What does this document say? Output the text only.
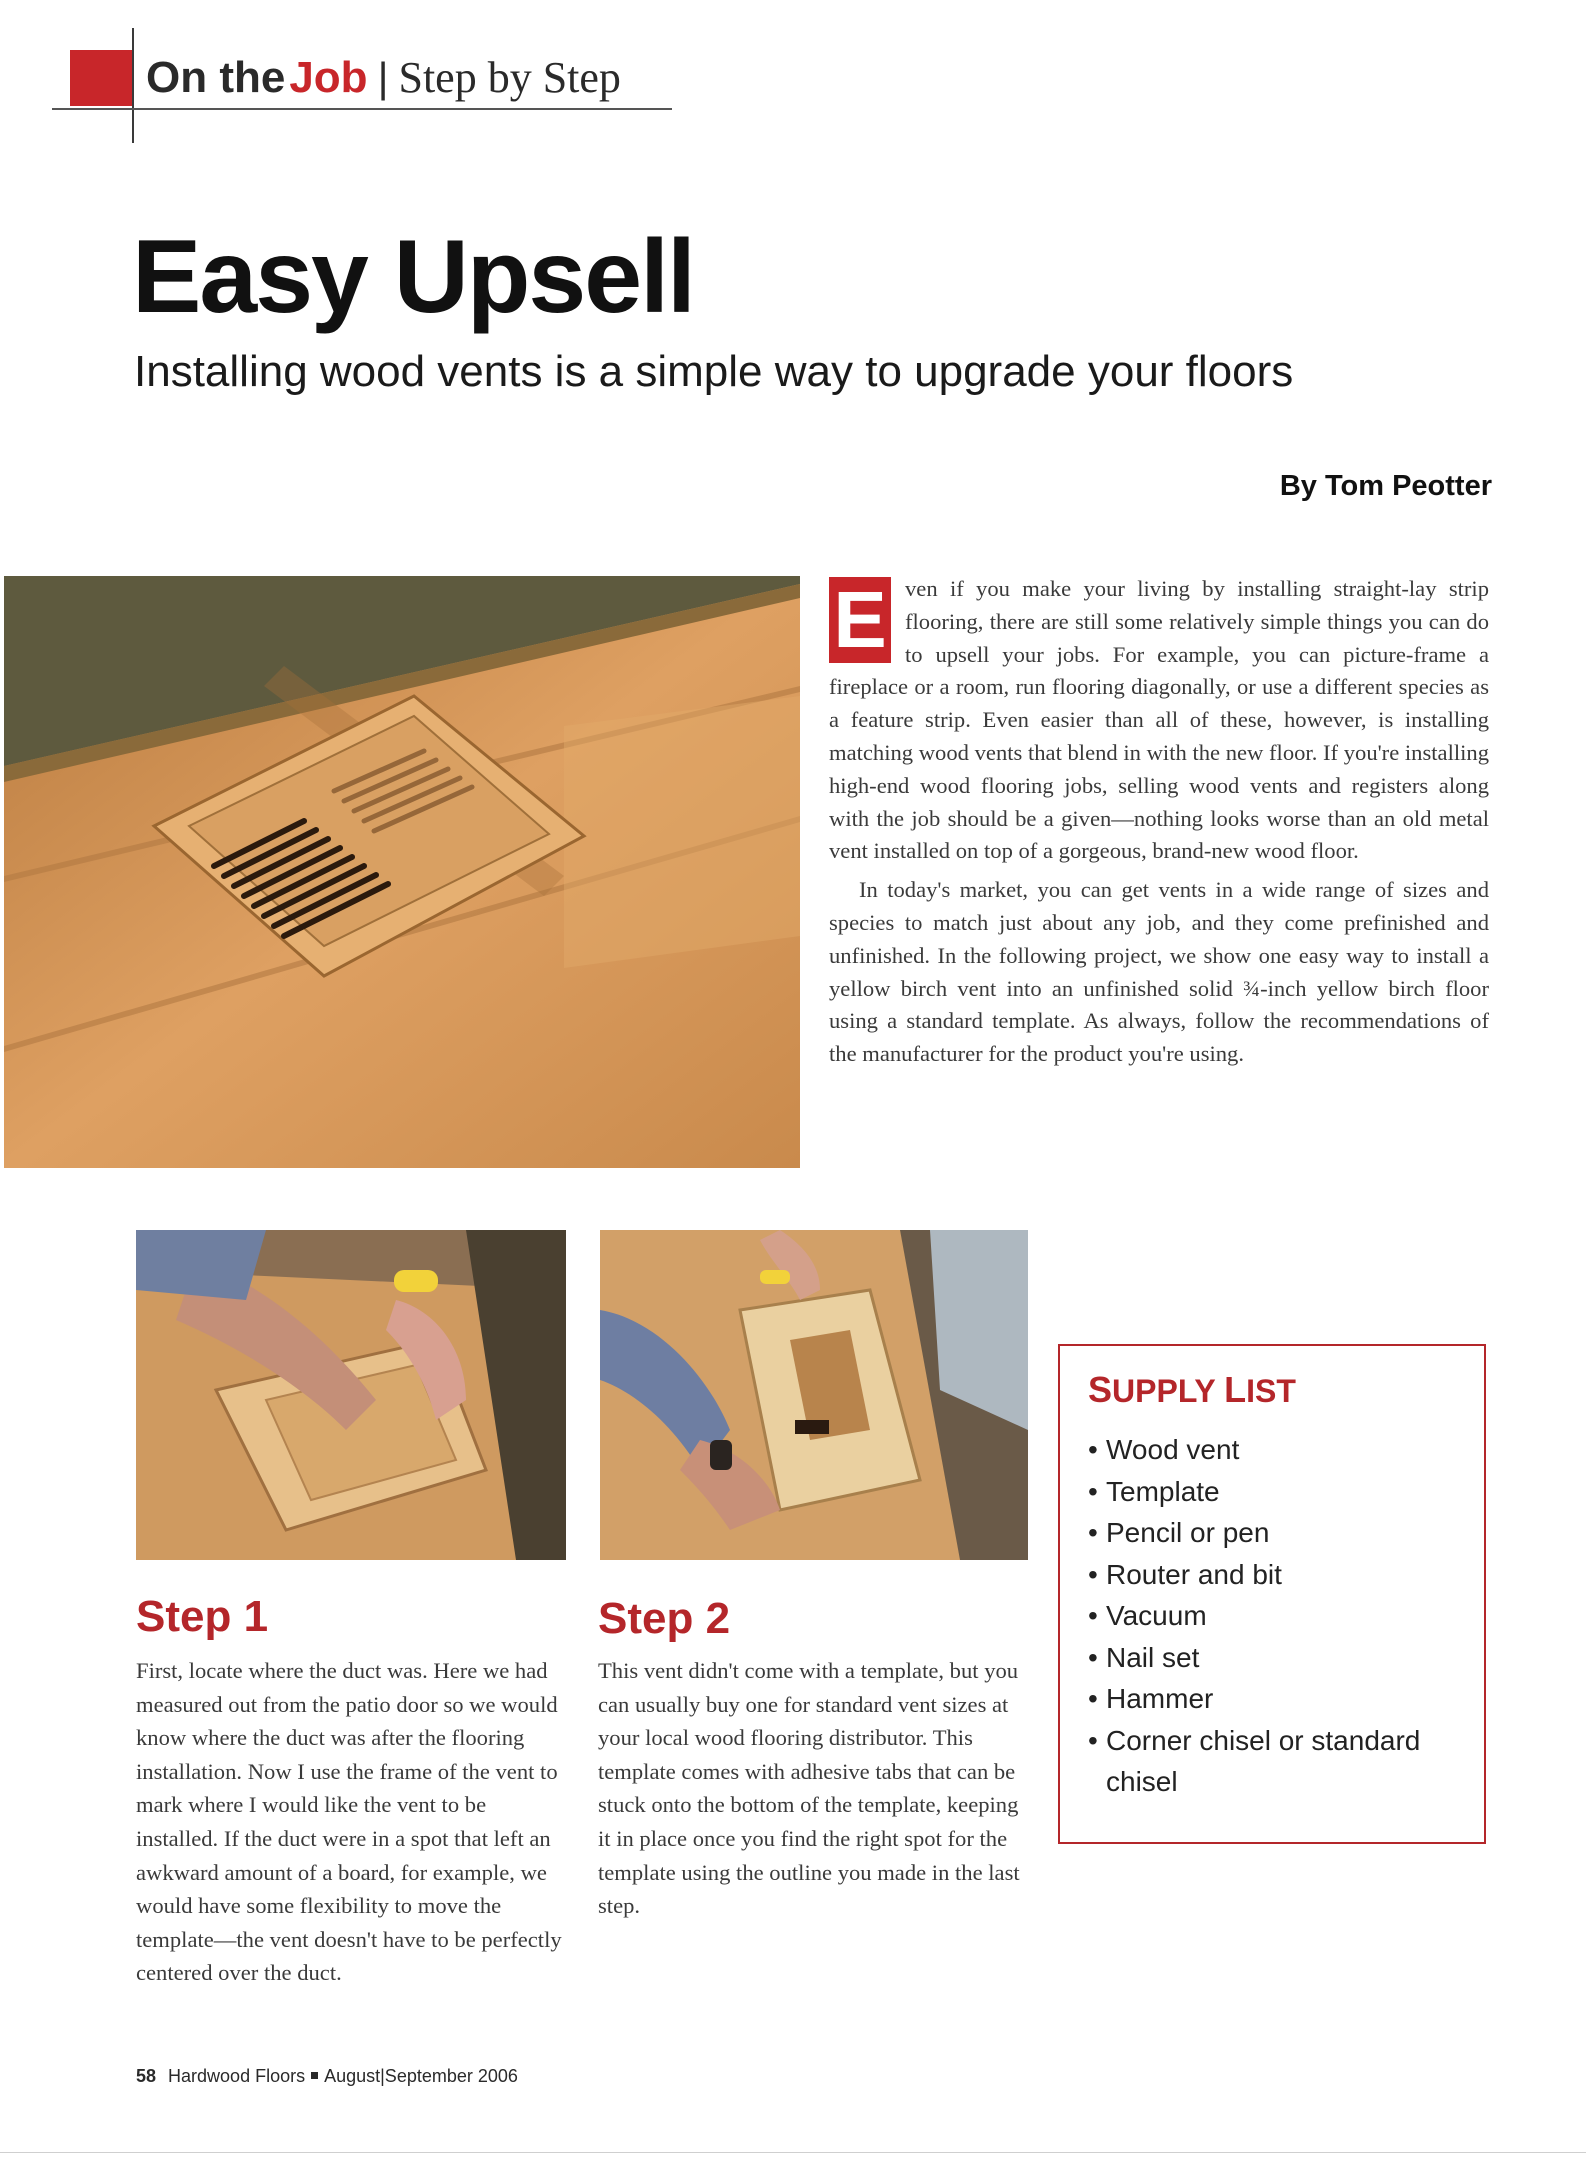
On the Job | Step by Step
Easy Upsell
Installing wood vents is a simple way to upgrade your floors
By Tom Peotter

E ven if you make your living by installing straight-lay strip flooring, there are still some relatively simple things you can do to upsell your jobs. For example, you can picture-frame a fireplace or a room, run flooring diagonally, or use a different species as a feature strip. Even easier than all of these, however, is installing matching wood vents that blend in with the new floor. If you're installing high-end wood flooring jobs, selling wood vents and registers along with the job should be a given—nothing looks worse than an old metal vent installed on top of a gorgeous, brand-new wood floor.

In today's market, you can get vents in a wide range of sizes and species to match just about any job, and they come prefinished and unfinished. In the following project, we show one easy way to install a yellow birch vent into an unfinished solid ¾-inch yellow birch floor using a standard template. As always, follow the recommendations of the manufacturer for the product you're using.

Step 1
First, locate where the duct was. Here we had measured out from the patio door so we would know where the duct was after the flooring installation. Now I use the frame of the vent to mark where I would like the vent to be installed. If the duct were in a spot that left an awkward amount of a board, for example, we would have some flexibility to move the template—the vent doesn't have to be perfectly centered over the duct.
Step 2
This vent didn't come with a template, but you can usually buy one for standard vent sizes at your local wood flooring distributor. This template comes with adhesive tabs that can be stuck onto the bottom of the template, keeping it in place once you find the right spot for the template using the outline you made in the last step.
SUPPLY LIST
• Wood vent
• Template
• Pencil or pen
• Router and bit
• Vacuum
• Nail set
• Hammer
• Corner chisel or standard chisel
58 Hardwood Floors August|September 2006
